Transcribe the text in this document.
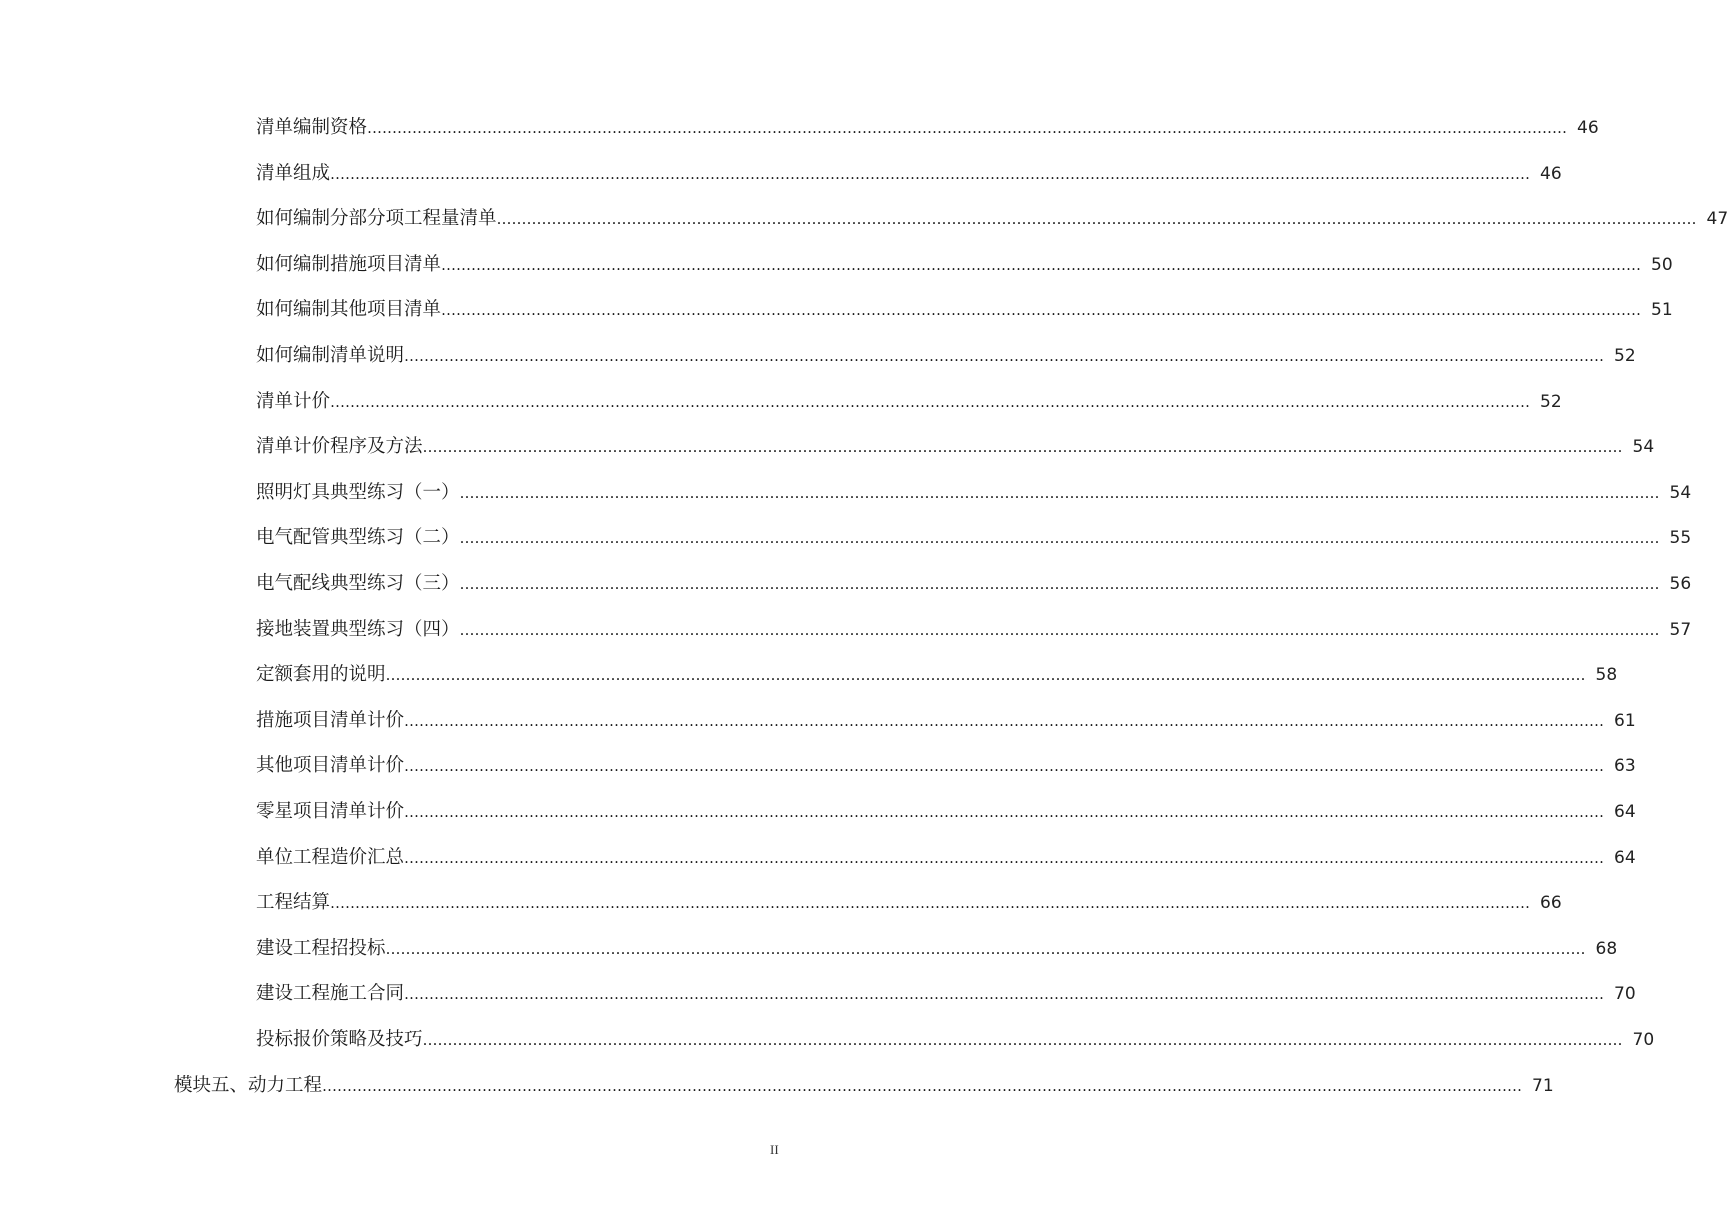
清单编制资格 …………………………………………………………………………………………………………………………………………………………………………………………………………………… 46
清单组成 …………………………………………………………………………………………………………………………………………………………………………………………………………………… 46
如何编制分部分项工程量清单 …………………………………………………………………………………………………………………………………………………………………………………………………………………… 47
如何编制措施项目清单 …………………………………………………………………………………………………………………………………………………………………………………………………………………… 50
如何编制其他项目清单 …………………………………………………………………………………………………………………………………………………………………………………………………………………… 51
如何编制清单说明 …………………………………………………………………………………………………………………………………………………………………………………………………………………… 52
清单计价 …………………………………………………………………………………………………………………………………………………………………………………………………………………… 52
清单计价程序及方法 …………………………………………………………………………………………………………………………………………………………………………………………………………………… 54
照明灯具典型练习（一） …………………………………………………………………………………………………………………………………………………………………………………………………………………… 54
电气配管典型练习（二） …………………………………………………………………………………………………………………………………………………………………………………………………………………… 55
电气配线典型练习（三） …………………………………………………………………………………………………………………………………………………………………………………………………………………… 56
接地装置典型练习（四） …………………………………………………………………………………………………………………………………………………………………………………………………………………… 57
定额套用的说明 …………………………………………………………………………………………………………………………………………………………………………………………………………………… 58
措施项目清单计价 …………………………………………………………………………………………………………………………………………………………………………………………………………………… 61
其他项目清单计价 …………………………………………………………………………………………………………………………………………………………………………………………………………………… 63
零星项目清单计价 …………………………………………………………………………………………………………………………………………………………………………………………………………………… 64
单位工程造价汇总 …………………………………………………………………………………………………………………………………………………………………………………………………………………… 64
工程结算 …………………………………………………………………………………………………………………………………………………………………………………………………………………… 66
建设工程招投标 …………………………………………………………………………………………………………………………………………………………………………………………………………………… 68
建设工程施工合同 …………………………………………………………………………………………………………………………………………………………………………………………………………………… 70
投标报价策略及技巧 …………………………………………………………………………………………………………………………………………………………………………………………………………………… 70
模块五、动力工程 …………………………………………………………………………………………………………………………………………………………………………………………………………………… 71
II
